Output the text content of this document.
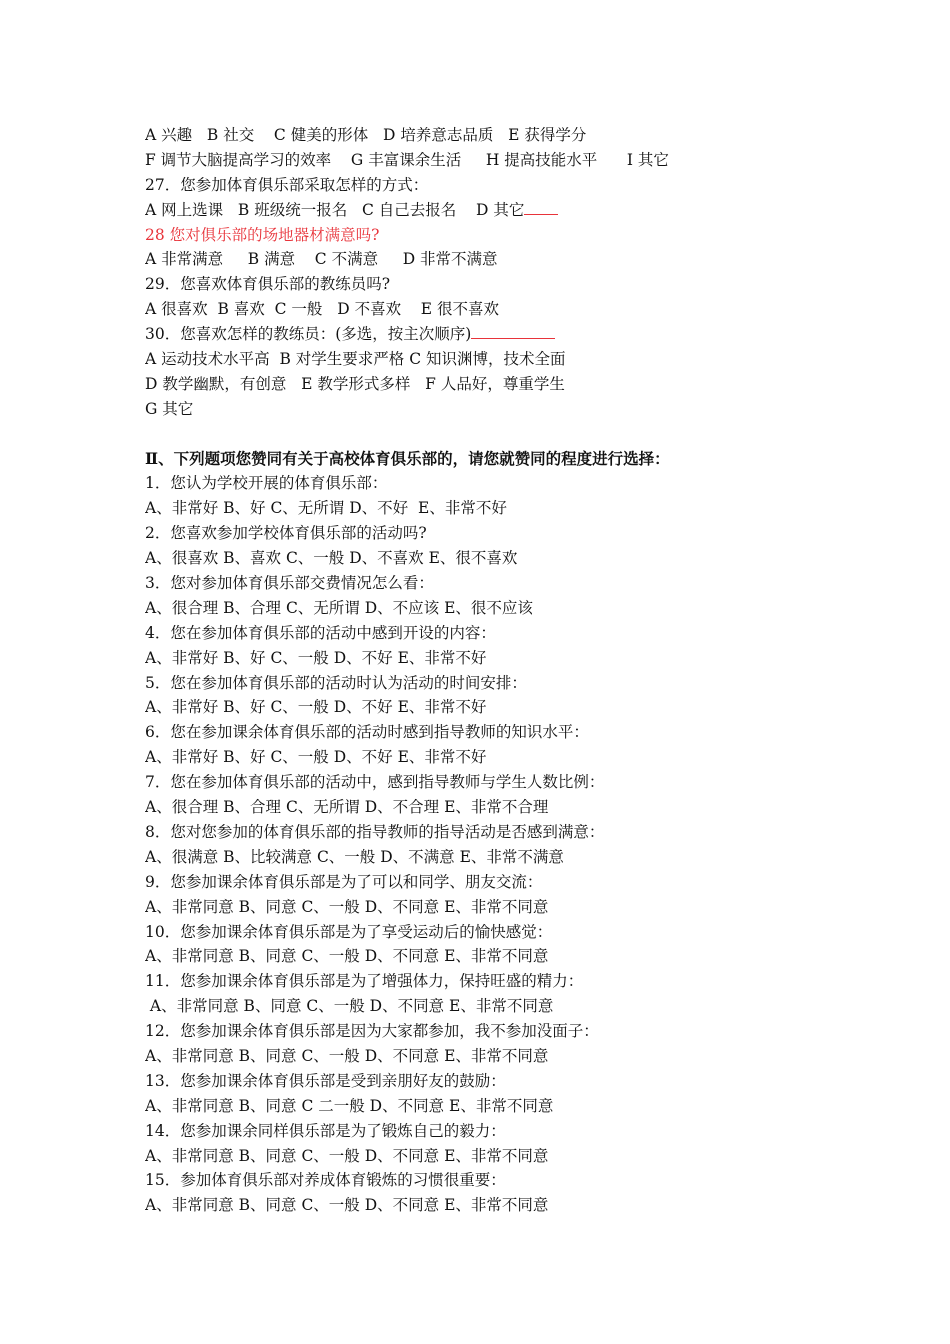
A 兴趣   B 社交    C 健美的形体   D 培养意志品质   E 获得学分
F 调节大脑提高学习的效率    G 丰富课余生活     H 提高技能水平      I 其它
27．您参加体育俱乐部采取怎样的方式：
A 网上选课   B 班级统一报名   C 自己去报名    D 其它
28 您对俱乐部的场地器材满意吗?
A 非常满意     B 满意    C 不满意     D 非常不满意
29．您喜欢体育俱乐部的教练员吗?
A 很喜欢  B 喜欢  C 一般   D 不喜欢    E 很不喜欢
30．您喜欢怎样的教练员：(多选，按主次顺序)
A 运动技术水平高  B 对学生要求严格 C 知识渊博，技术全面
D 教学幽默，有创意   E 教学形式多样   F 人品好，尊重学生
G 其它
Ⅱ、下列题项您赞同有关于高校体育俱乐部的，请您就赞同的程度进行选择：
1．您认为学校开展的体育俱乐部：
A、非常好 B、好 C、无所谓 D、不好  E、非常不好
2．您喜欢参加学校体育俱乐部的活动吗?
A、很喜欢 B、喜欢 C、一般 D、不喜欢 E、很不喜欢
3．您对参加体育俱乐部交费情况怎么看：
A、很合理 B、合理 C、无所谓 D、不应该 E、很不应该
4．您在参加体育俱乐部的活动中感到开设的内容：
A、非常好 B、好 C、一般 D、不好 E、非常不好
5．您在参加体育俱乐部的活动时认为活动的时间安排：
A、非常好 B、好 C、一般 D、不好 E、非常不好
6．您在参加课余体育俱乐部的活动时感到指导教师的知识水平：
A、非常好 B、好 C、一般 D、不好 E、非常不好
7．您在参加体育俱乐部的活动中，感到指导教师与学生人数比例：
A、很合理 B、合理 C、无所谓 D、不合理 E、非常不合理
8．您对您参加的体育俱乐部的指导教师的指导活动是否感到满意：
A、很满意 B、比较满意 C、一般 D、不满意 E、非常不满意
9．您参加课余体育俱乐部是为了可以和同学、朋友交流：
A、非常同意 B、同意 C、一般 D、不同意 E、非常不同意
10．您参加课余体育俱乐部是为了享受运动后的愉快感觉：
A、非常同意 B、同意 C、一般 D、不同意 E、非常不同意
11．您参加课余体育俱乐部是为了增强体力，保持旺盛的精力：
A、非常同意 B、同意 C、一般 D、不同意 E、非常不同意
12．您参加课余体育俱乐部是因为大家都参加，我不参加没面子：
A、非常同意 B、同意 C、一般 D、不同意 E、非常不同意
13．您参加课余体育俱乐部是受到亲朋好友的鼓励：
A、非常同意 B、同意 C 二一般 D、不同意 E、非常不同意
14．您参加课余同样俱乐部是为了锻炼自己的毅力：
A、非常同意 B、同意 C、一般 D、不同意 E、非常不同意
15．参加体育俱乐部对养成体育锻炼的习惯很重要：
A、非常同意 B、同意 C、一般 D、不同意 E、非常不同意
